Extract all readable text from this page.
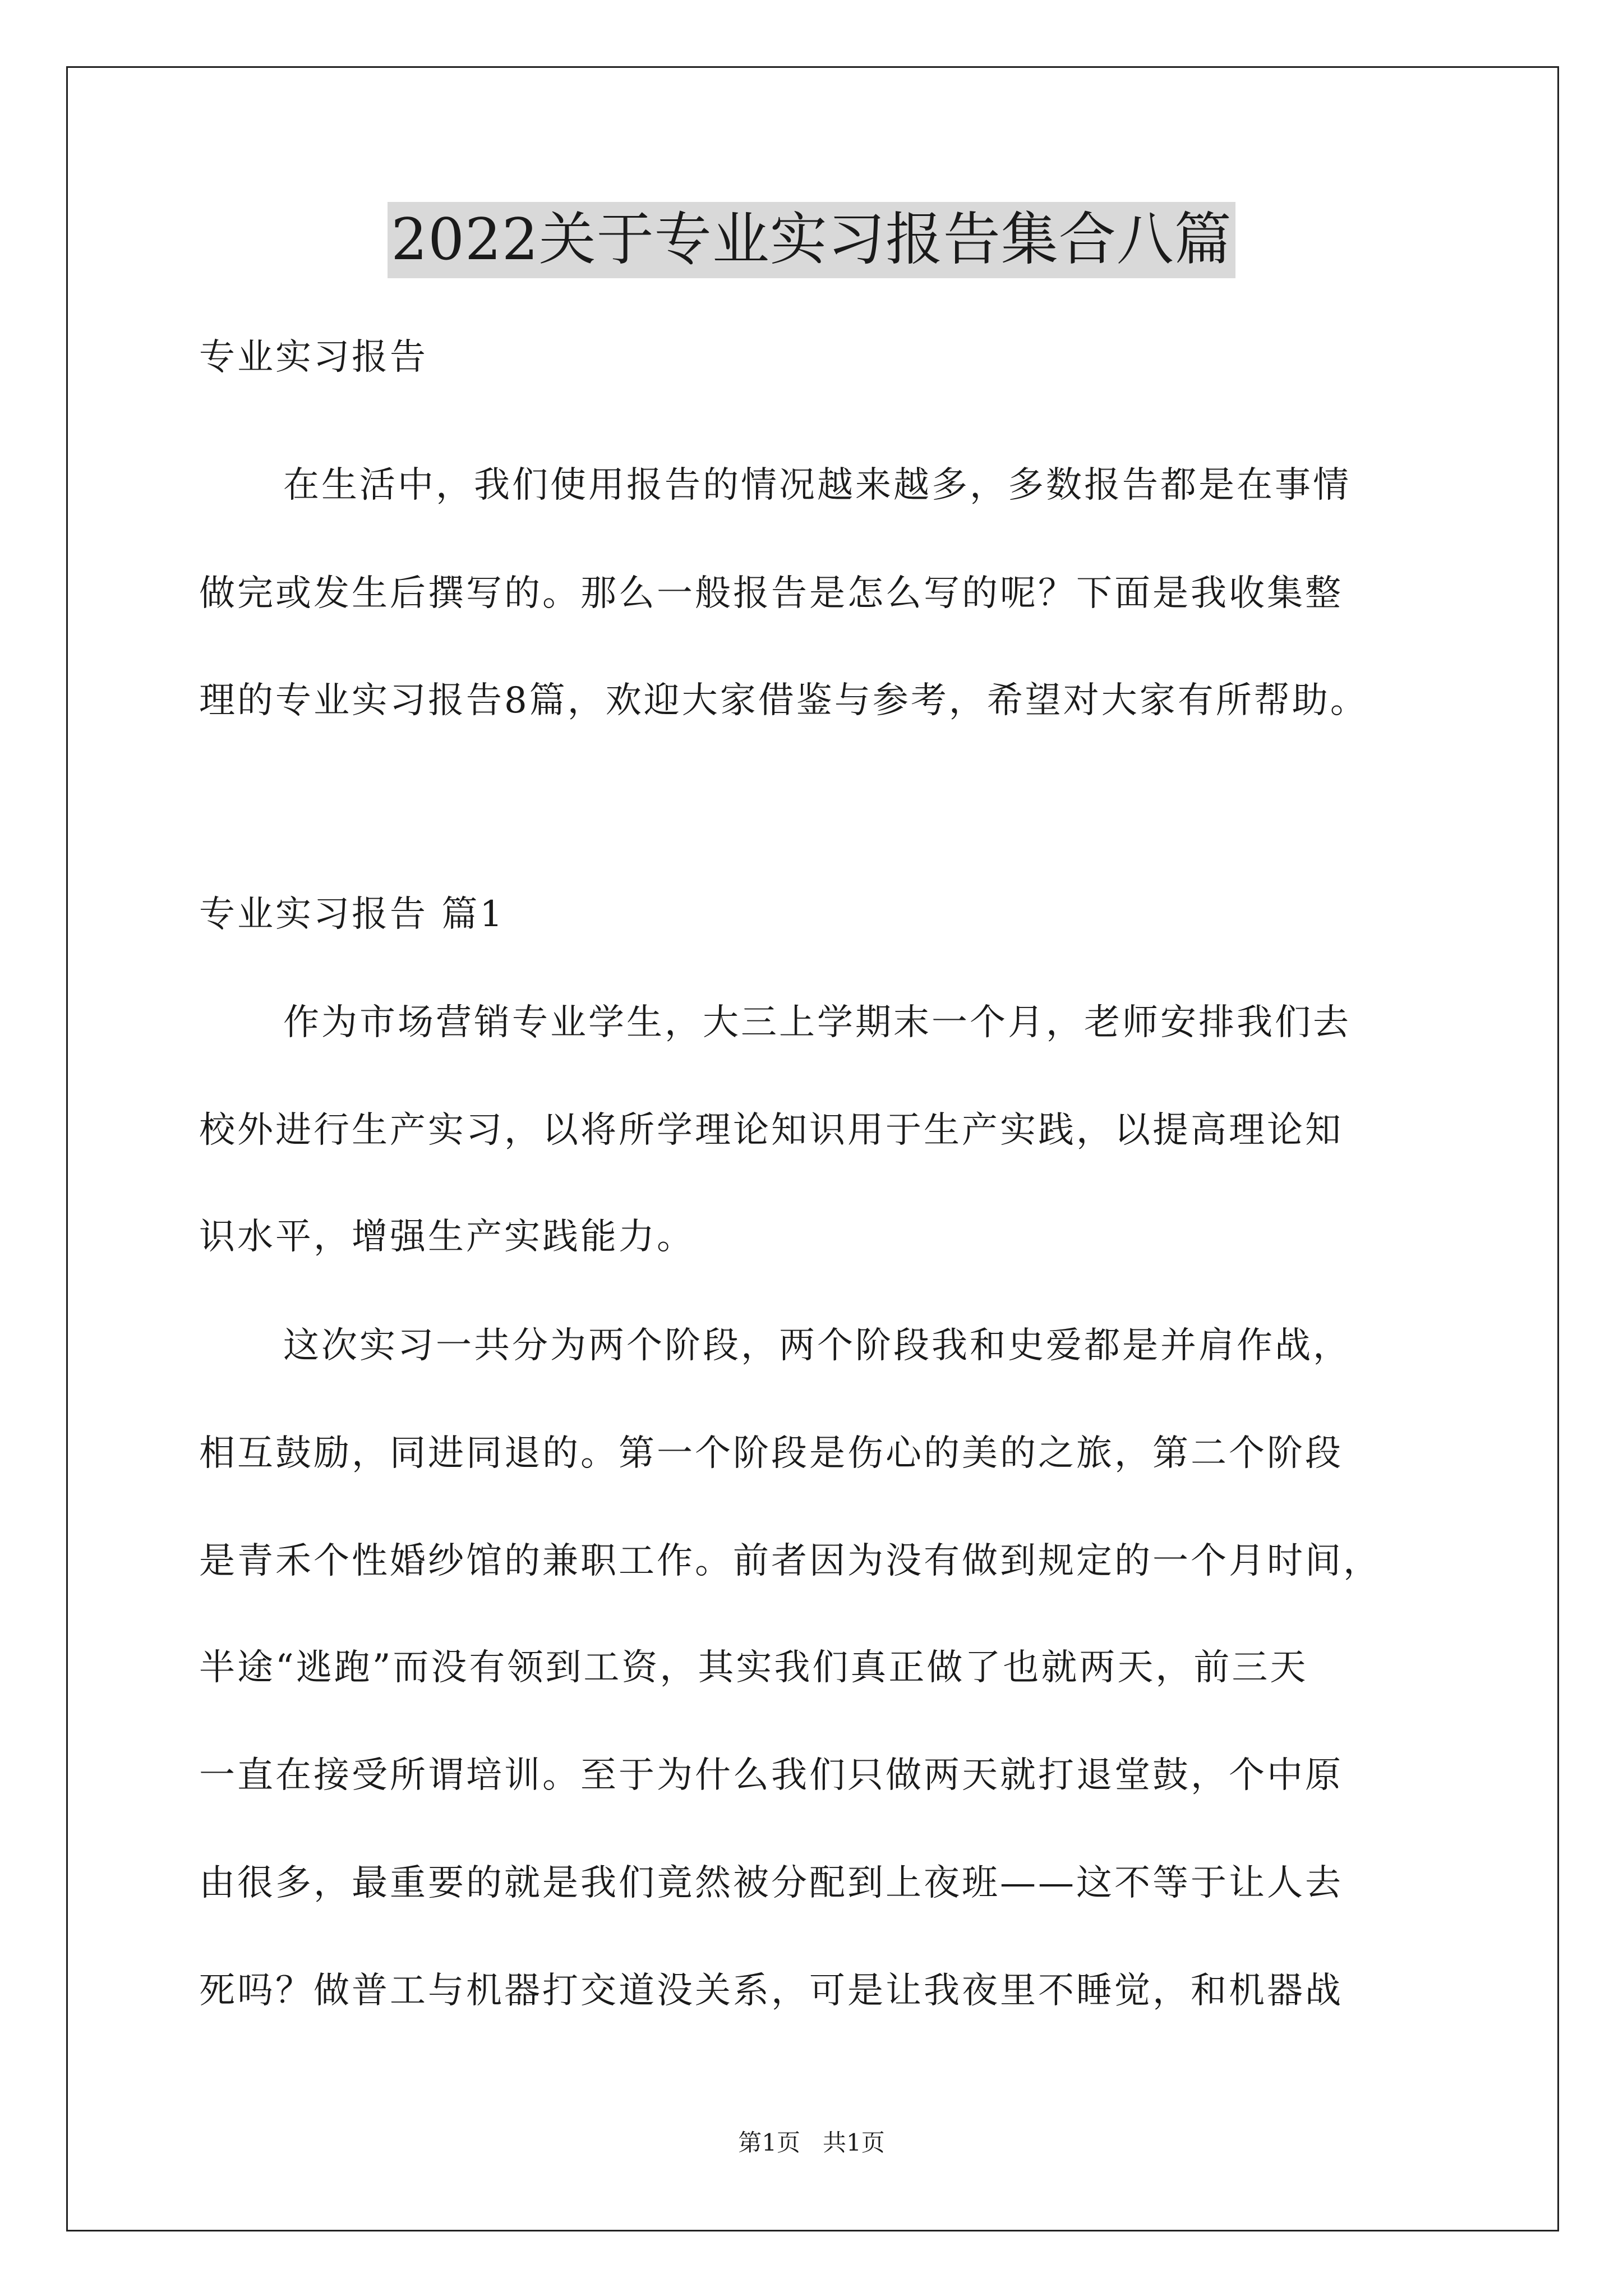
2022关于专业实习报告集合八篇
专业实习报告
在生活中，我们使用报告的情况越来越多，多数报告都是在事情
做完或发生后撰写的。那么一般报告是怎么写的呢？下面是我收集整
理的专业实习报告8篇，欢迎大家借鉴与参考，希望对大家有所帮助。
专业实习报告 篇1
作为市场营销专业学生，大三上学期末一个月，老师安排我们去
校外进行生产实习，以将所学理论知识用于生产实践，以提高理论知
识水平，增强生产实践能力。
这次实习一共分为两个阶段，两个阶段我和史爱都是并肩作战，
相互鼓励，同进同退的。第一个阶段是伤心的美的之旅，第二个阶段
是青禾个性婚纱馆的兼职工作。前者因为没有做到规定的一个月时间，
半途“逃跑”而没有领到工资，其实我们真正做了也就两天，前三天
一直在接受所谓培训。至于为什么我们只做两天就打退堂鼓，个中原
由很多，最重要的就是我们竟然被分配到上夜班——这不等于让人去
死吗？做普工与机器打交道没关系，可是让我夜里不睡觉，和机器战
第1页 共1页
